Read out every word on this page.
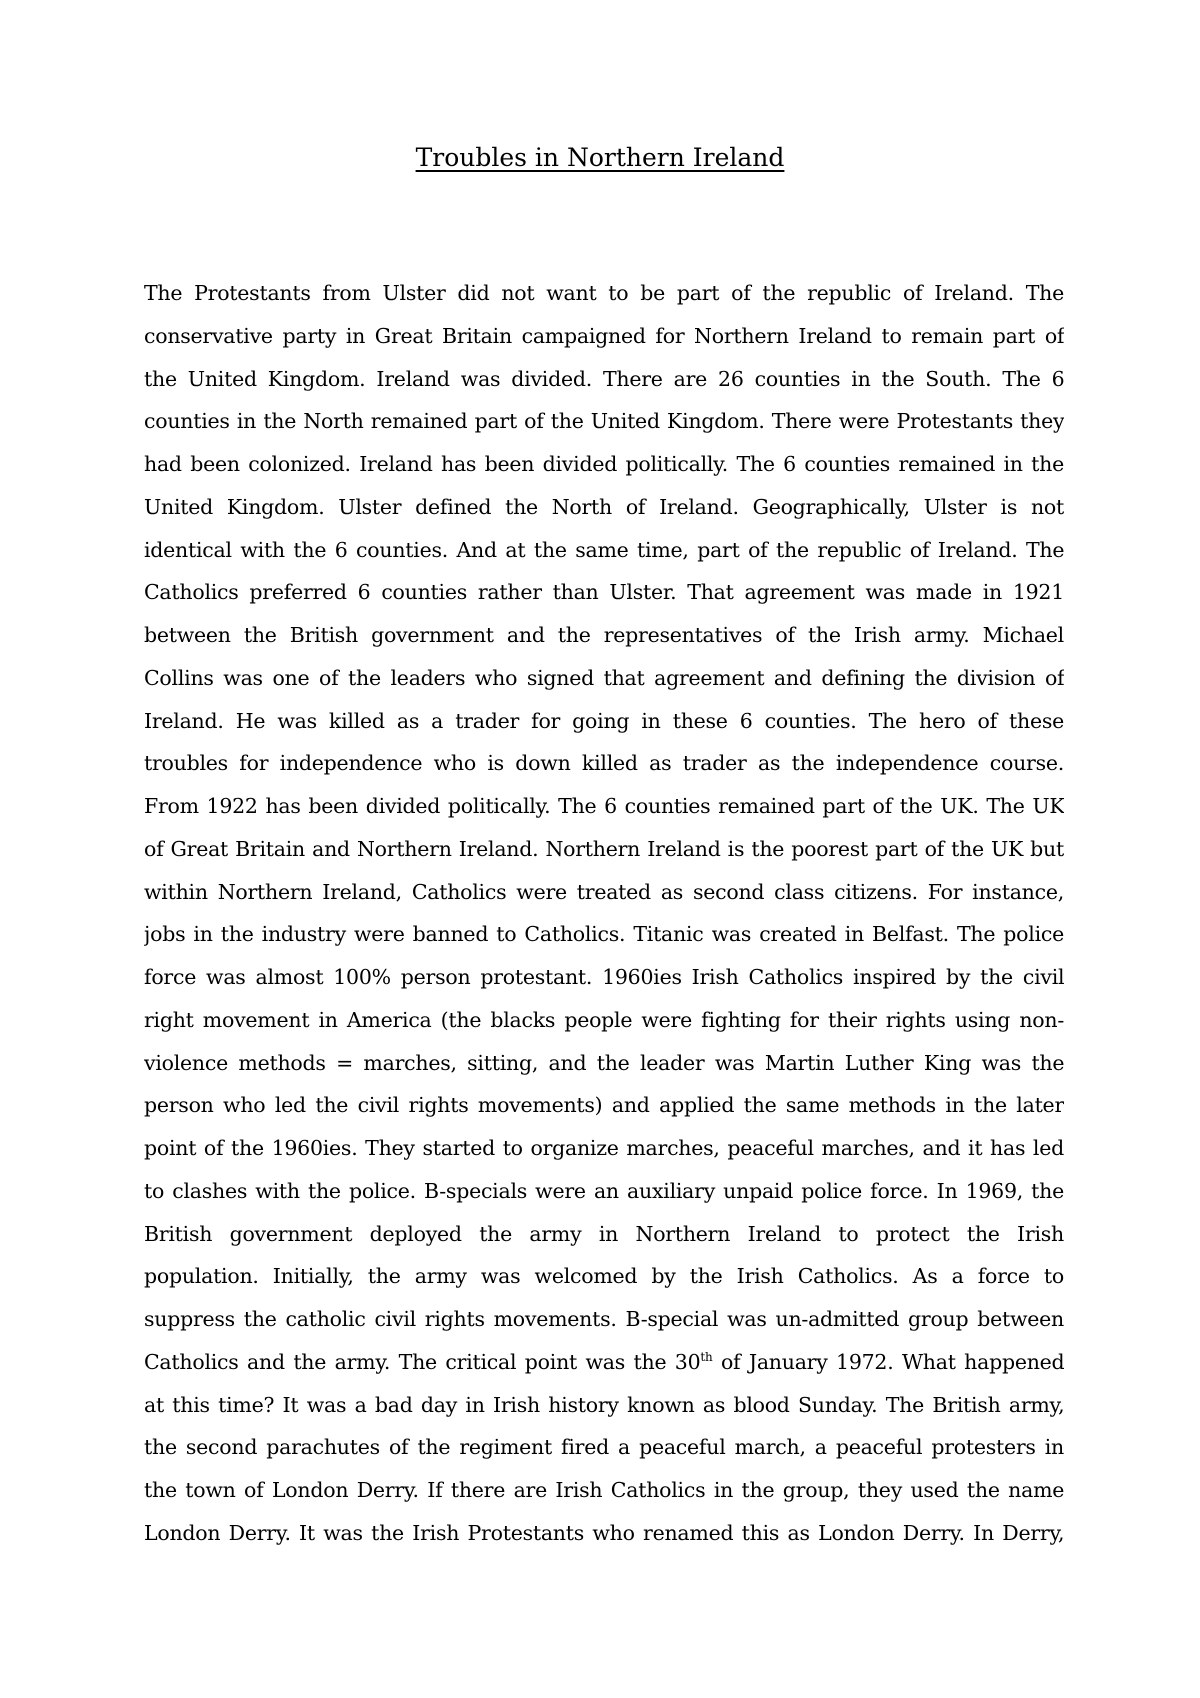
Troubles in Northern Ireland
The Protestants from Ulster did not want to be part of the republic of Ireland. The
conservative party in Great Britain campaigned for Northern Ireland to remain part of
the United Kingdom. Ireland was divided. There are 26 counties in the South. The 6
counties in the North remained part of the United Kingdom. There were Protestants they
had been colonized. Ireland has been divided politically. The 6 counties remained in the
United Kingdom. Ulster defined the North of Ireland. Geographically, Ulster is not
identical with the 6 counties. And at the same time, part of the republic of Ireland. The
Catholics preferred 6 counties rather than Ulster. That agreement was made in 1921
between the British government and the representatives of the Irish army. Michael
Collins was one of the leaders who signed that agreement and defining the division of
Ireland. He was killed as a trader for going in these 6 counties. The hero of these
troubles for independence who is down killed as trader as the independence course.
From 1922 has been divided politically. The 6 counties remained part of the UK. The UK
of Great Britain and Northern Ireland. Northern Ireland is the poorest part of the UK but
within Northern Ireland, Catholics were treated as second class citizens. For instance,
jobs in the industry were banned to Catholics. Titanic was created in Belfast. The police
force was almost 100% person protestant. 1960ies Irish Catholics inspired by the civil
right movement in America (the blacks people were fighting for their rights using non-
violence methods = marches, sitting, and the leader was Martin Luther King was the
person who led the civil rights movements) and applied the same methods in the later
point of the 1960ies. They started to organize marches, peaceful marches, and it has led
to clashes with the police. B-specials were an auxiliary unpaid police force. In 1969, the
British government deployed the army in Northern Ireland to protect the Irish
population. Initially, the army was welcomed by the Irish Catholics. As a force to
suppress the catholic civil rights movements. B-special was un-admitted group between
Catholics and the army. The critical point was the 30th of January 1972. What happened
at this time? It was a bad day in Irish history known as blood Sunday. The British army,
the second parachutes of the regiment fired a peaceful march, a peaceful protesters in
the town of London Derry. If there are Irish Catholics in the group, they used the name
London Derry. It was the Irish Protestants who renamed this as London Derry. In Derry,
